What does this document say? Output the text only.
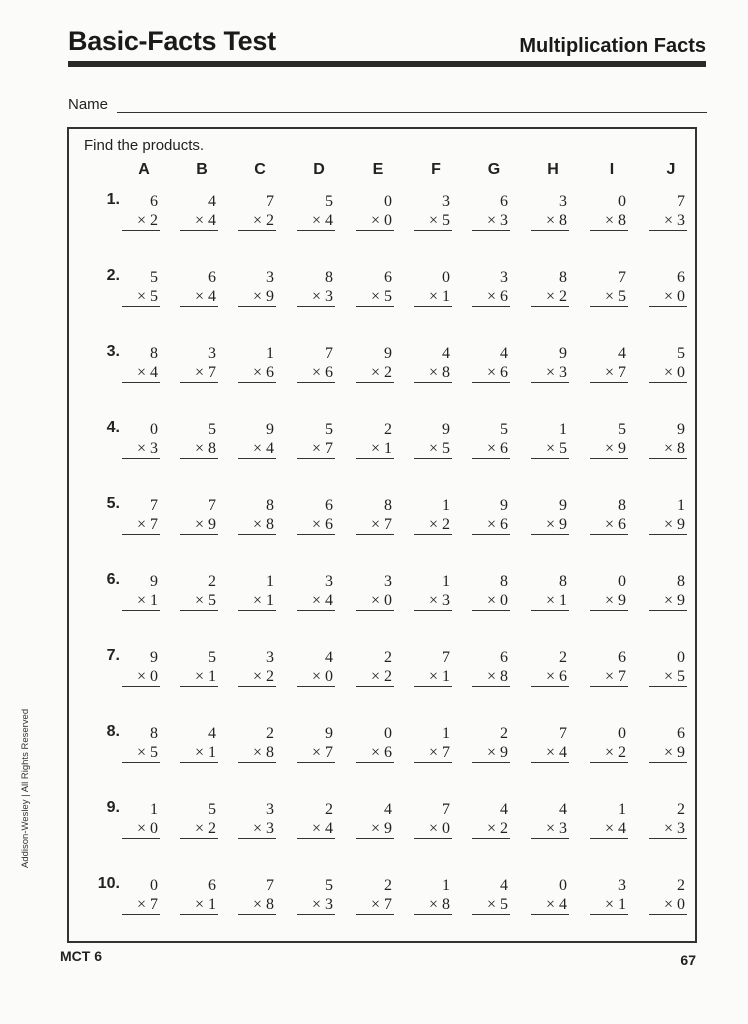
Basic-Facts Test	Multiplication Facts
Name
Find the products.
A	B	C	D	E	F	G	H	I	J
1.	6
× 2
4
× 4
7
× 2
5
× 4
0
× 0
3
× 5
6
× 3
3
× 8
0
× 8
7
× 3
2.	5
× 5
6
× 4
3
× 9
8
× 3
6
× 5
0
× 1
3
× 6
8
× 2
7
× 5
6
× 0
3.	8
× 4
3
× 7
1
× 6
7
× 6
9
× 2
4
× 8
4
× 6
9
× 3
4
× 7
5
× 0
4.	0
× 3
5
× 8
9
× 4
5
× 7
2
× 1
9
× 5
5
× 6
1
× 5
5
× 9
9
× 8
5.	7
× 7
7
× 9
8
× 8
6
× 6
8
× 7
1
× 2
9
× 6
9
× 9
8
× 6
1
× 9
6.	9
× 1
2
× 5
1
× 1
3
× 4
3
× 0
1
× 3
8
× 0
8
× 1
0
× 9
8
× 9
7.	9
× 0
5
× 1
3
× 2
4
× 0
2
× 2
7
× 1
6
× 8
2
× 6
6
× 7
0
× 5
8.	8
× 5
4
× 1
2
× 8
9
× 7
0
× 6
1
× 7
2
× 9
7
× 4
0
× 2
6
× 9
9.	1
× 0
5
× 2
3
× 3
2
× 4
4
× 9
7
× 0
4
× 2
4
× 3
1
× 4
2
× 3
10.	0
× 7
6
× 1
7
× 8
5
× 3
2
× 7
1
× 8
4
× 5
0
× 4
3
× 1
2
× 0
Addison-Wesley | All Rights Reserved
MCT 6	67
